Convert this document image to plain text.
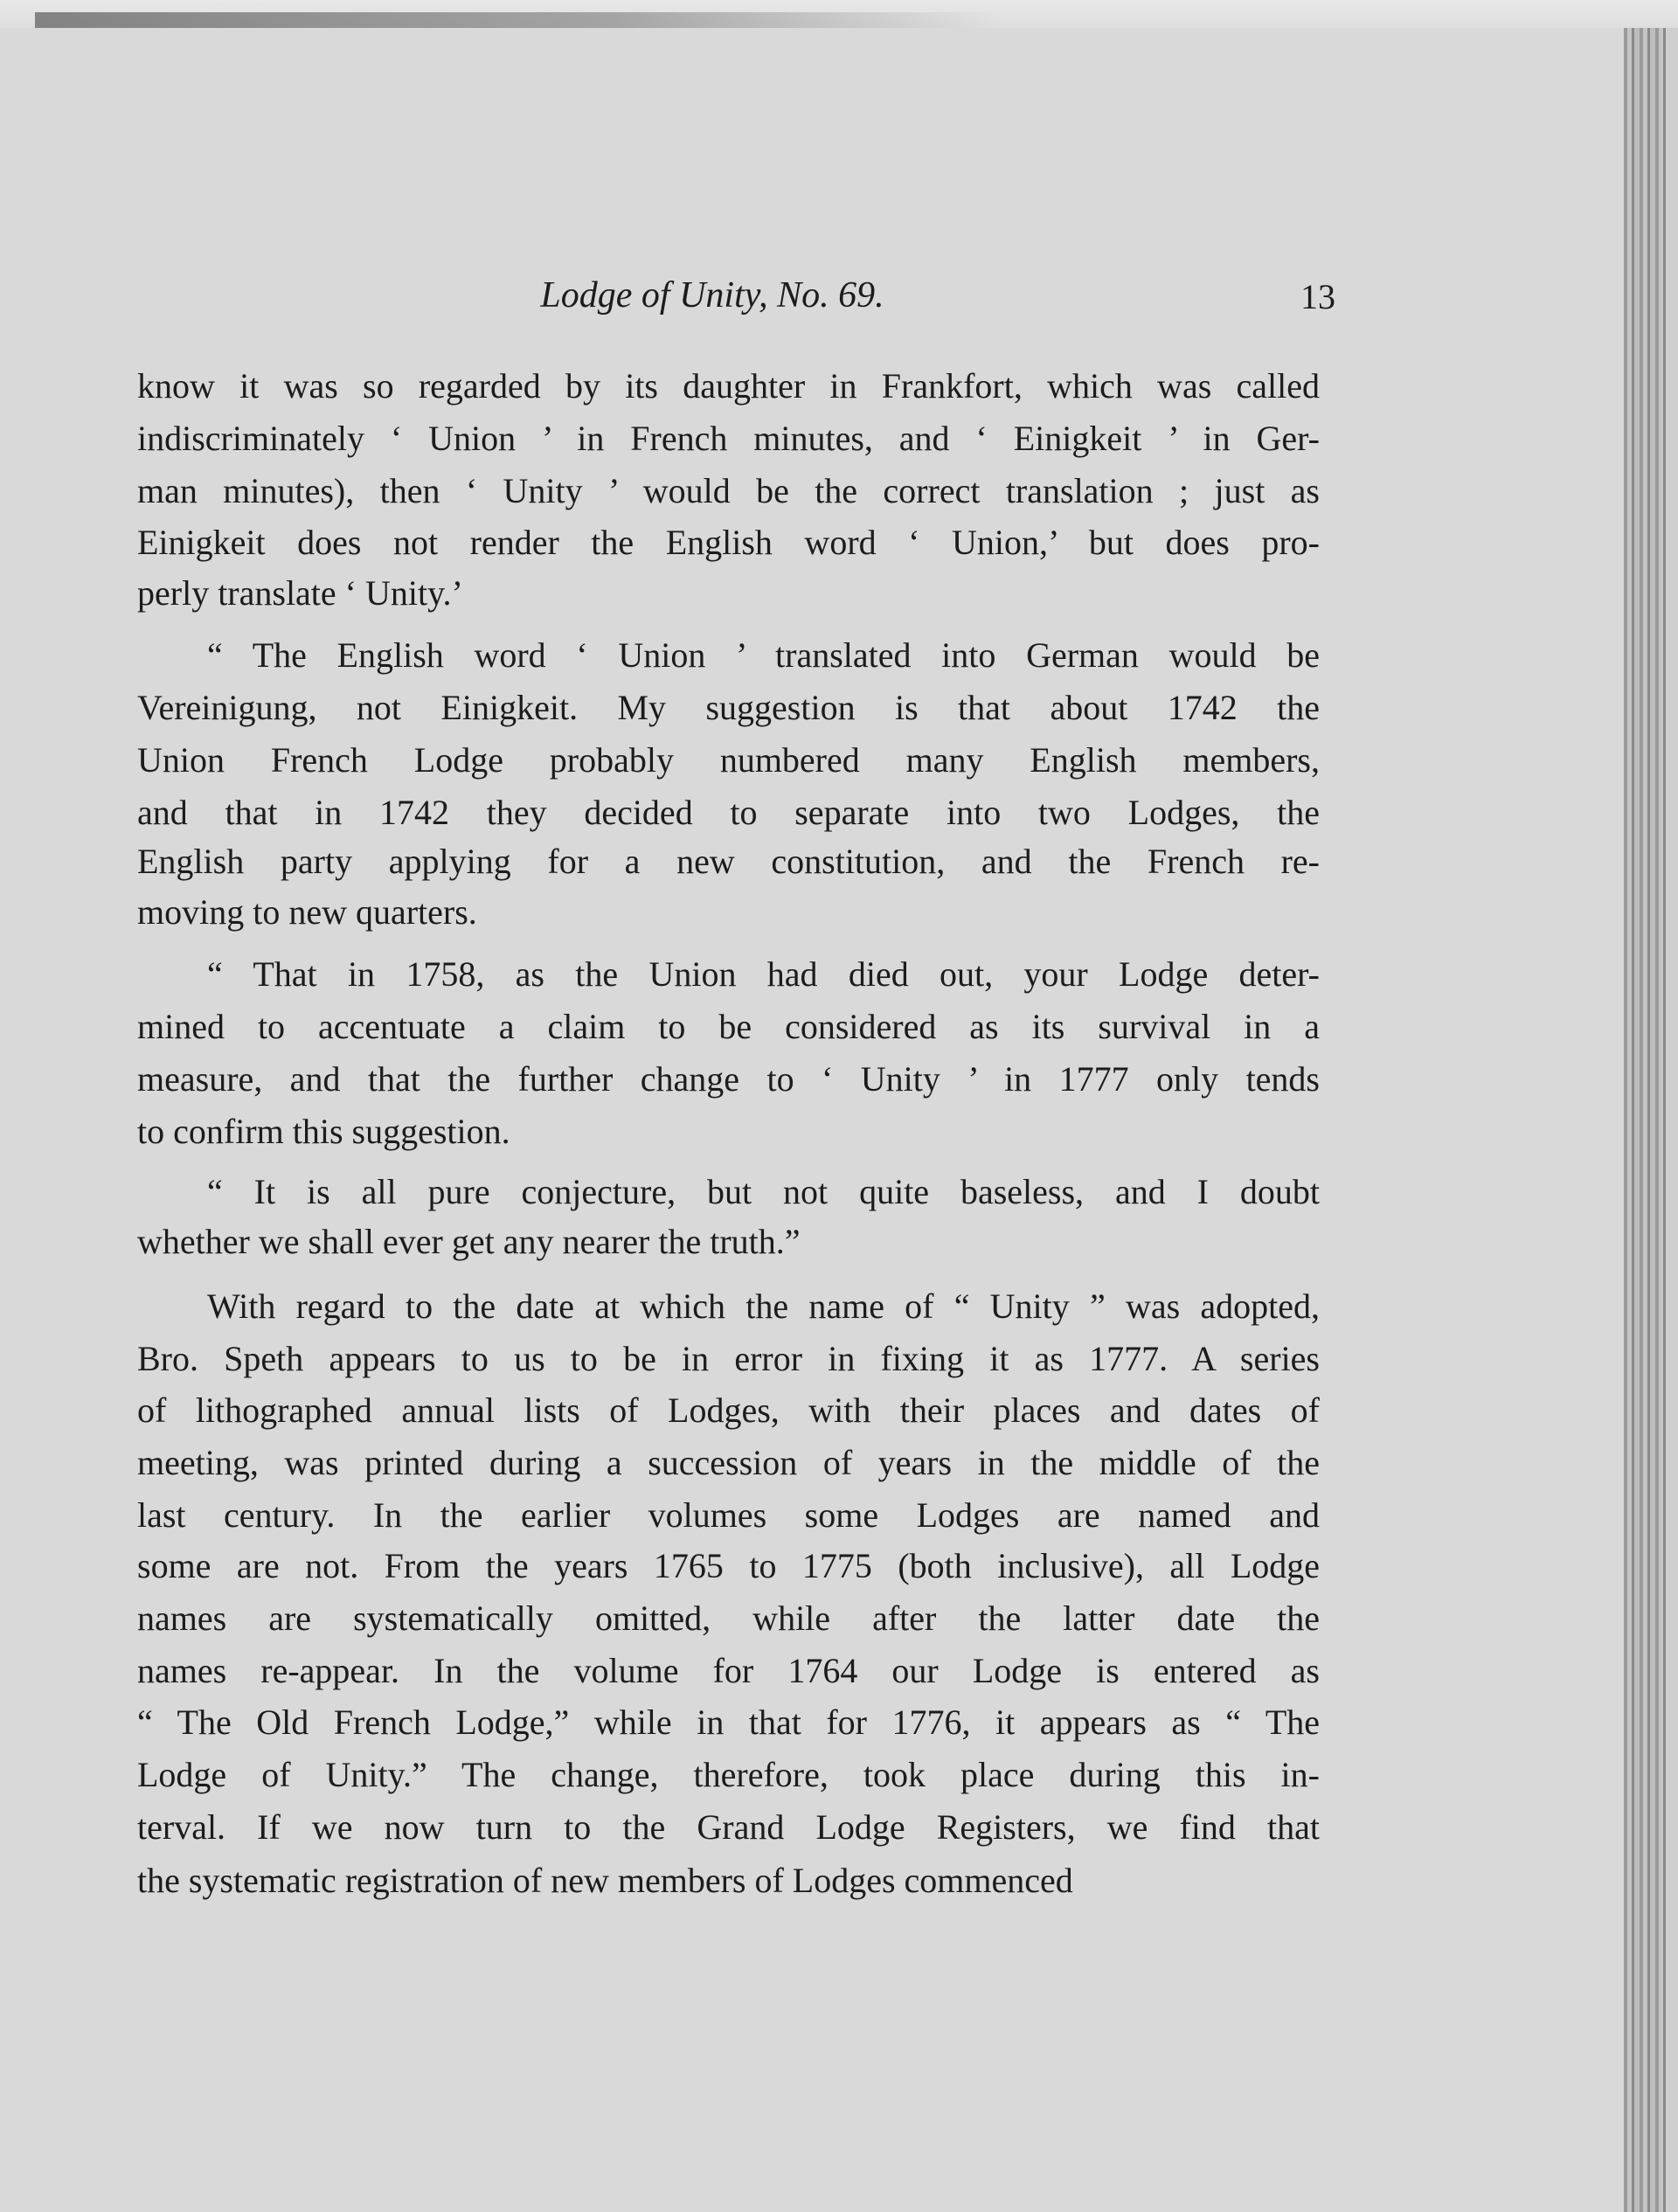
Lodge of Unity, No. 69.	13
know it was so regarded by its daughter in Frankfort, which was called
indiscriminately ‘ Union ’ in French minutes, and ‘ Einigkeit ’ in Ger-
man minutes), then ‘ Unity ’ would be the correct translation ; just as
Einigkeit does not render the English word ‘ Union,’ but does pro-
perly translate ‘ Unity.’
“ The English word ‘ Union ’ translated into German would be
Vereinigung, not Einigkeit. My suggestion is that about 1742 the
Union French Lodge probably numbered many English members,
and that in 1742 they decided to separate into two Lodges, the
English party applying for a new constitution, and the French re-
moving to new quarters.
“ That in 1758, as the Union had died out, your Lodge deter-
mined to accentuate a claim to be considered as its survival in a
measure, and that the further change to ‘ Unity ’ in 1777 only tends
to confirm this suggestion.
“ It is all pure conjecture, but not quite baseless, and I doubt
whether we shall ever get any nearer the truth.”
With regard to the date at which the name of “ Unity ” was adopted,
Bro. Speth appears to us to be in error in fixing it as 1777. A series
of lithographed annual lists of Lodges, with their places and dates of
meeting, was printed during a succession of years in the middle of the
last century. In the earlier volumes some Lodges are named and
some are not. From the years 1765 to 1775 (both inclusive), all Lodge
names are systematically omitted, while after the latter date the
names re-appear. In the volume for 1764 our Lodge is entered as
“ The Old French Lodge,” while in that for 1776, it appears as “ The
Lodge of Unity.” The change, therefore, took place during this in-
terval. If we now turn to the Grand Lodge Registers, we find that
the systematic registration of new members of Lodges commenced
